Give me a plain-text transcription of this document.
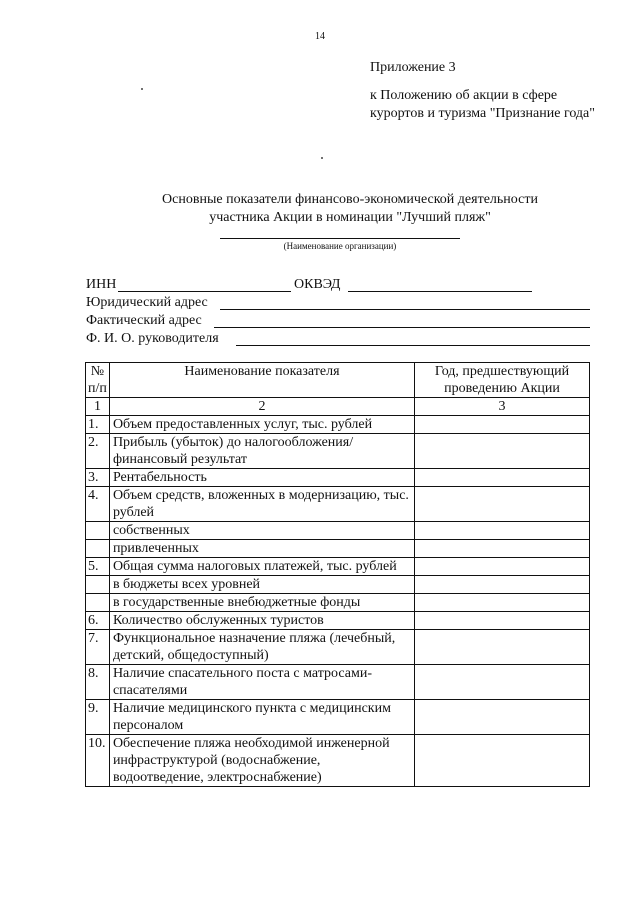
14
Приложение 3
к Положению об акции в сфере курортов и туризма "Признание года"
Основные показатели финансово-экономической деятельности
участника Акции в номинации "Лучший пляж"
(Наименование организации)
ИНН	ОКВЭД
Юридический адрес
Фактический адрес
Ф. И. О. руководителя
№ п/п	Наименование показателя	Год, предшествующий проведению Акции
1	2	3
1.	Объем предоставленных услуг, тыс. рублей	
2.	Прибыль (убыток) до налогообложения/ финансовый результат	
3.	Рентабельность	
4.	Объем средств, вложенных в модернизацию, тыс. рублей	
	собственных	
	привлеченных	
5.	Общая сумма налоговых платежей, тыс. рублей	
	в бюджеты всех уровней	
	в государственные внебюджетные фонды	
6.	Количество обслуженных туристов	
7.	Функциональное назначение пляжа (лечебный, детский, общедоступный)	
8.	Наличие спасательного поста с матросами-спасателями	
9.	Наличие медицинского пункта с медицинским персоналом	
10.	Обеспечение пляжа необходимой инженерной инфраструктурой (водоснабжение, водоотведение, электроснабжение)	
